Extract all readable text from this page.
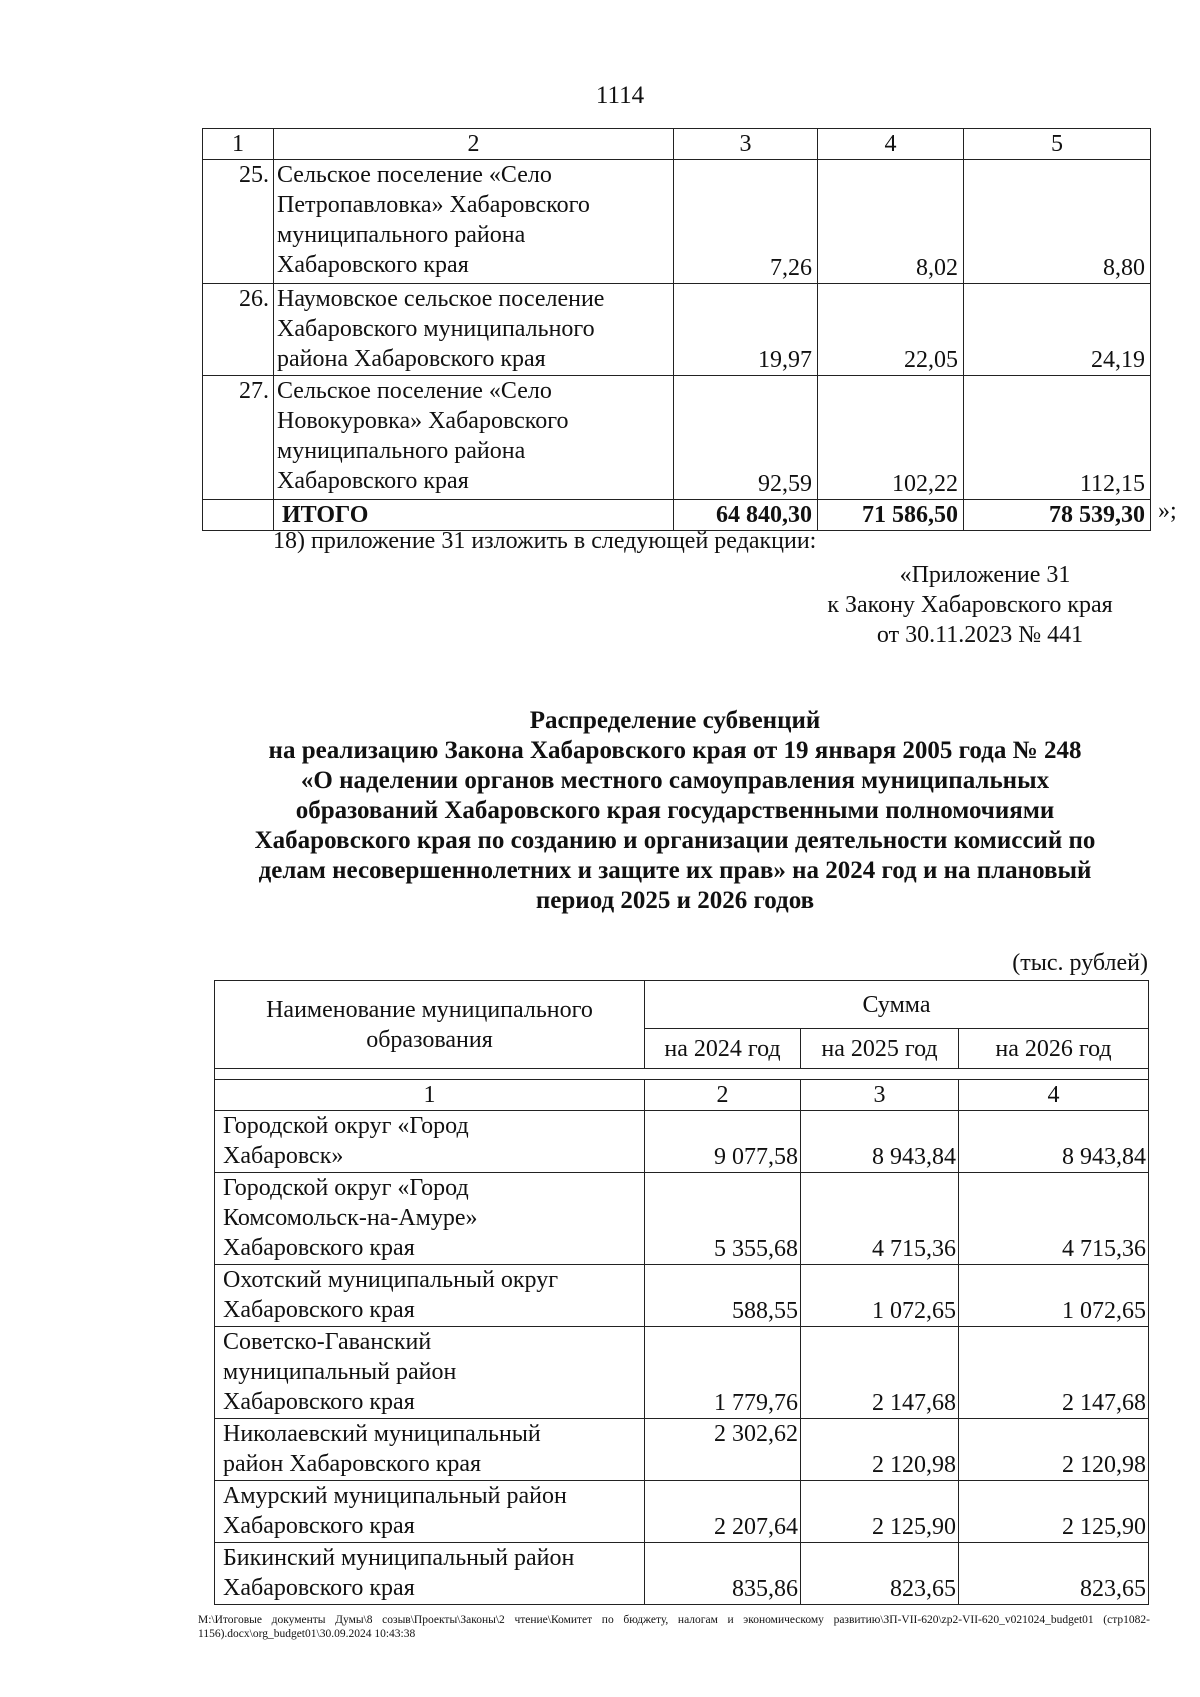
1114
1	2	3	4	5
25.	Сельское поселение «Село
Петропавловка» Хабаровского
муниципального района
Хабаровского края	7,26	8,02	8,80
26.	Наумовское сельское поселение
Хабаровского муниципального
района Хабаровского края	19,97	22,05	24,19
27.	Сельское поселение «Село
Новокуровка» Хабаровского
муниципального района
Хабаровского края	92,59	102,22	112,15
	ИТОГО	64 840,30	71 586,50	78 539,30 »;
18) приложение 31 изложить в следующей редакции:
«Приложение 31
к Закону Хабаровского края
от 30.11.2023 № 441
Распределение субвенций
на реализацию Закона Хабаровского края от 19 января 2005 года № 248
«О наделении органов местного самоуправления муниципальных
образований Хабаровского края государственными полномочиями
Хабаровского края по созданию и организации деятельности комиссий по
делам несовершеннолетних и защите их прав» на 2024 год и на плановый
период 2025 и 2026 годов
(тыс. рублей)
Наименование муниципального образования	Сумма		
	на 2024 год	на 2025 год	на 2026 год

1	2	3	4

Городской округ «Город
Хабаровск»	9 077,58	8 943,84	8 943,84

Городской округ «Город
Комсомольск-на-Амуре»
Хабаровского края	5 355,68	4 715,36	4 715,36

Охотский муниципальный округ
Хабаровского края	588,55	1 072,65	1 072,65

Советско-Гаванский
муниципальный район
Хабаровского края	1 779,76	2 147,68	2 147,68

Николаевский муниципальный
район Хабаровского края	2 302,62	2 120,98	2 120,98

Амурский муниципальный район
Хабаровского края	2 207,64	2 125,90	2 125,90

Бикинский муниципальный район
Хабаровского края	835,86	823,65	823,65
M:\Итоговые документы Думы\8 созыв\Проекты\Законы\2 чтение\Комитет по бюджету, налогам и экономическому развитию\ЗП-VII-620\zp2-VII-620_v021024_budget01 (стр1082-1156).docx\org_budget01\30.09.2024 10:43:38
